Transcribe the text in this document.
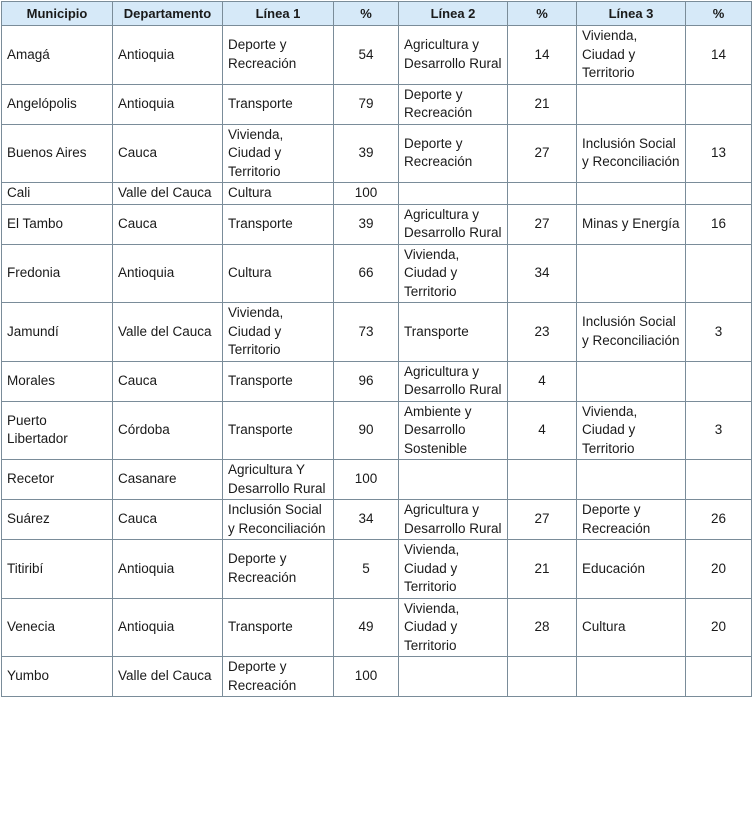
Municipio	Departamento	Línea 1	%	Línea 2	%	Línea 3	%
Amagá	Antioquia	Deporte y Recreación	54	Agricultura y Desarrollo Rural	14	Vivienda, Ciudad y Territorio	14
Angelópolis	Antioquia	Transporte	79	Deporte y Recreación	21		
Buenos Aires	Cauca	Vivienda, Ciudad y Territorio	39	Deporte y Recreación	27	Inclusión Social y Reconciliación	13
Cali	Valle del Cauca	Cultura	100				
El Tambo	Cauca	Transporte	39	Agricultura y Desarrollo Rural	27	Minas y Energía	16
Fredonia	Antioquia	Cultura	66	Vivienda, Ciudad y Territorio	34		
Jamundí	Valle del Cauca	Vivienda, Ciudad y Territorio	73	Transporte	23	Inclusión Social y Reconciliación	3
Morales	Cauca	Transporte	96	Agricultura y Desarrollo Rural	4		
Puerto Libertador	Córdoba	Transporte	90	Ambiente y Desarrollo Sostenible	4	Vivienda, Ciudad y Territorio	3
Recetor	Casanare	Agricultura Y Desarrollo Rural	100				
Suárez	Cauca	Inclusión Social y Reconciliación	34	Agricultura y Desarrollo Rural	27	Deporte y Recreación	26
Titiribí	Antioquia	Deporte y Recreación	5	Vivienda, Ciudad y Territorio	21	Educación	20
Venecia	Antioquia	Transporte	49	Vivienda, Ciudad y Territorio	28	Cultura	20
Yumbo	Valle del Cauca	Deporte y Recreación	100				
